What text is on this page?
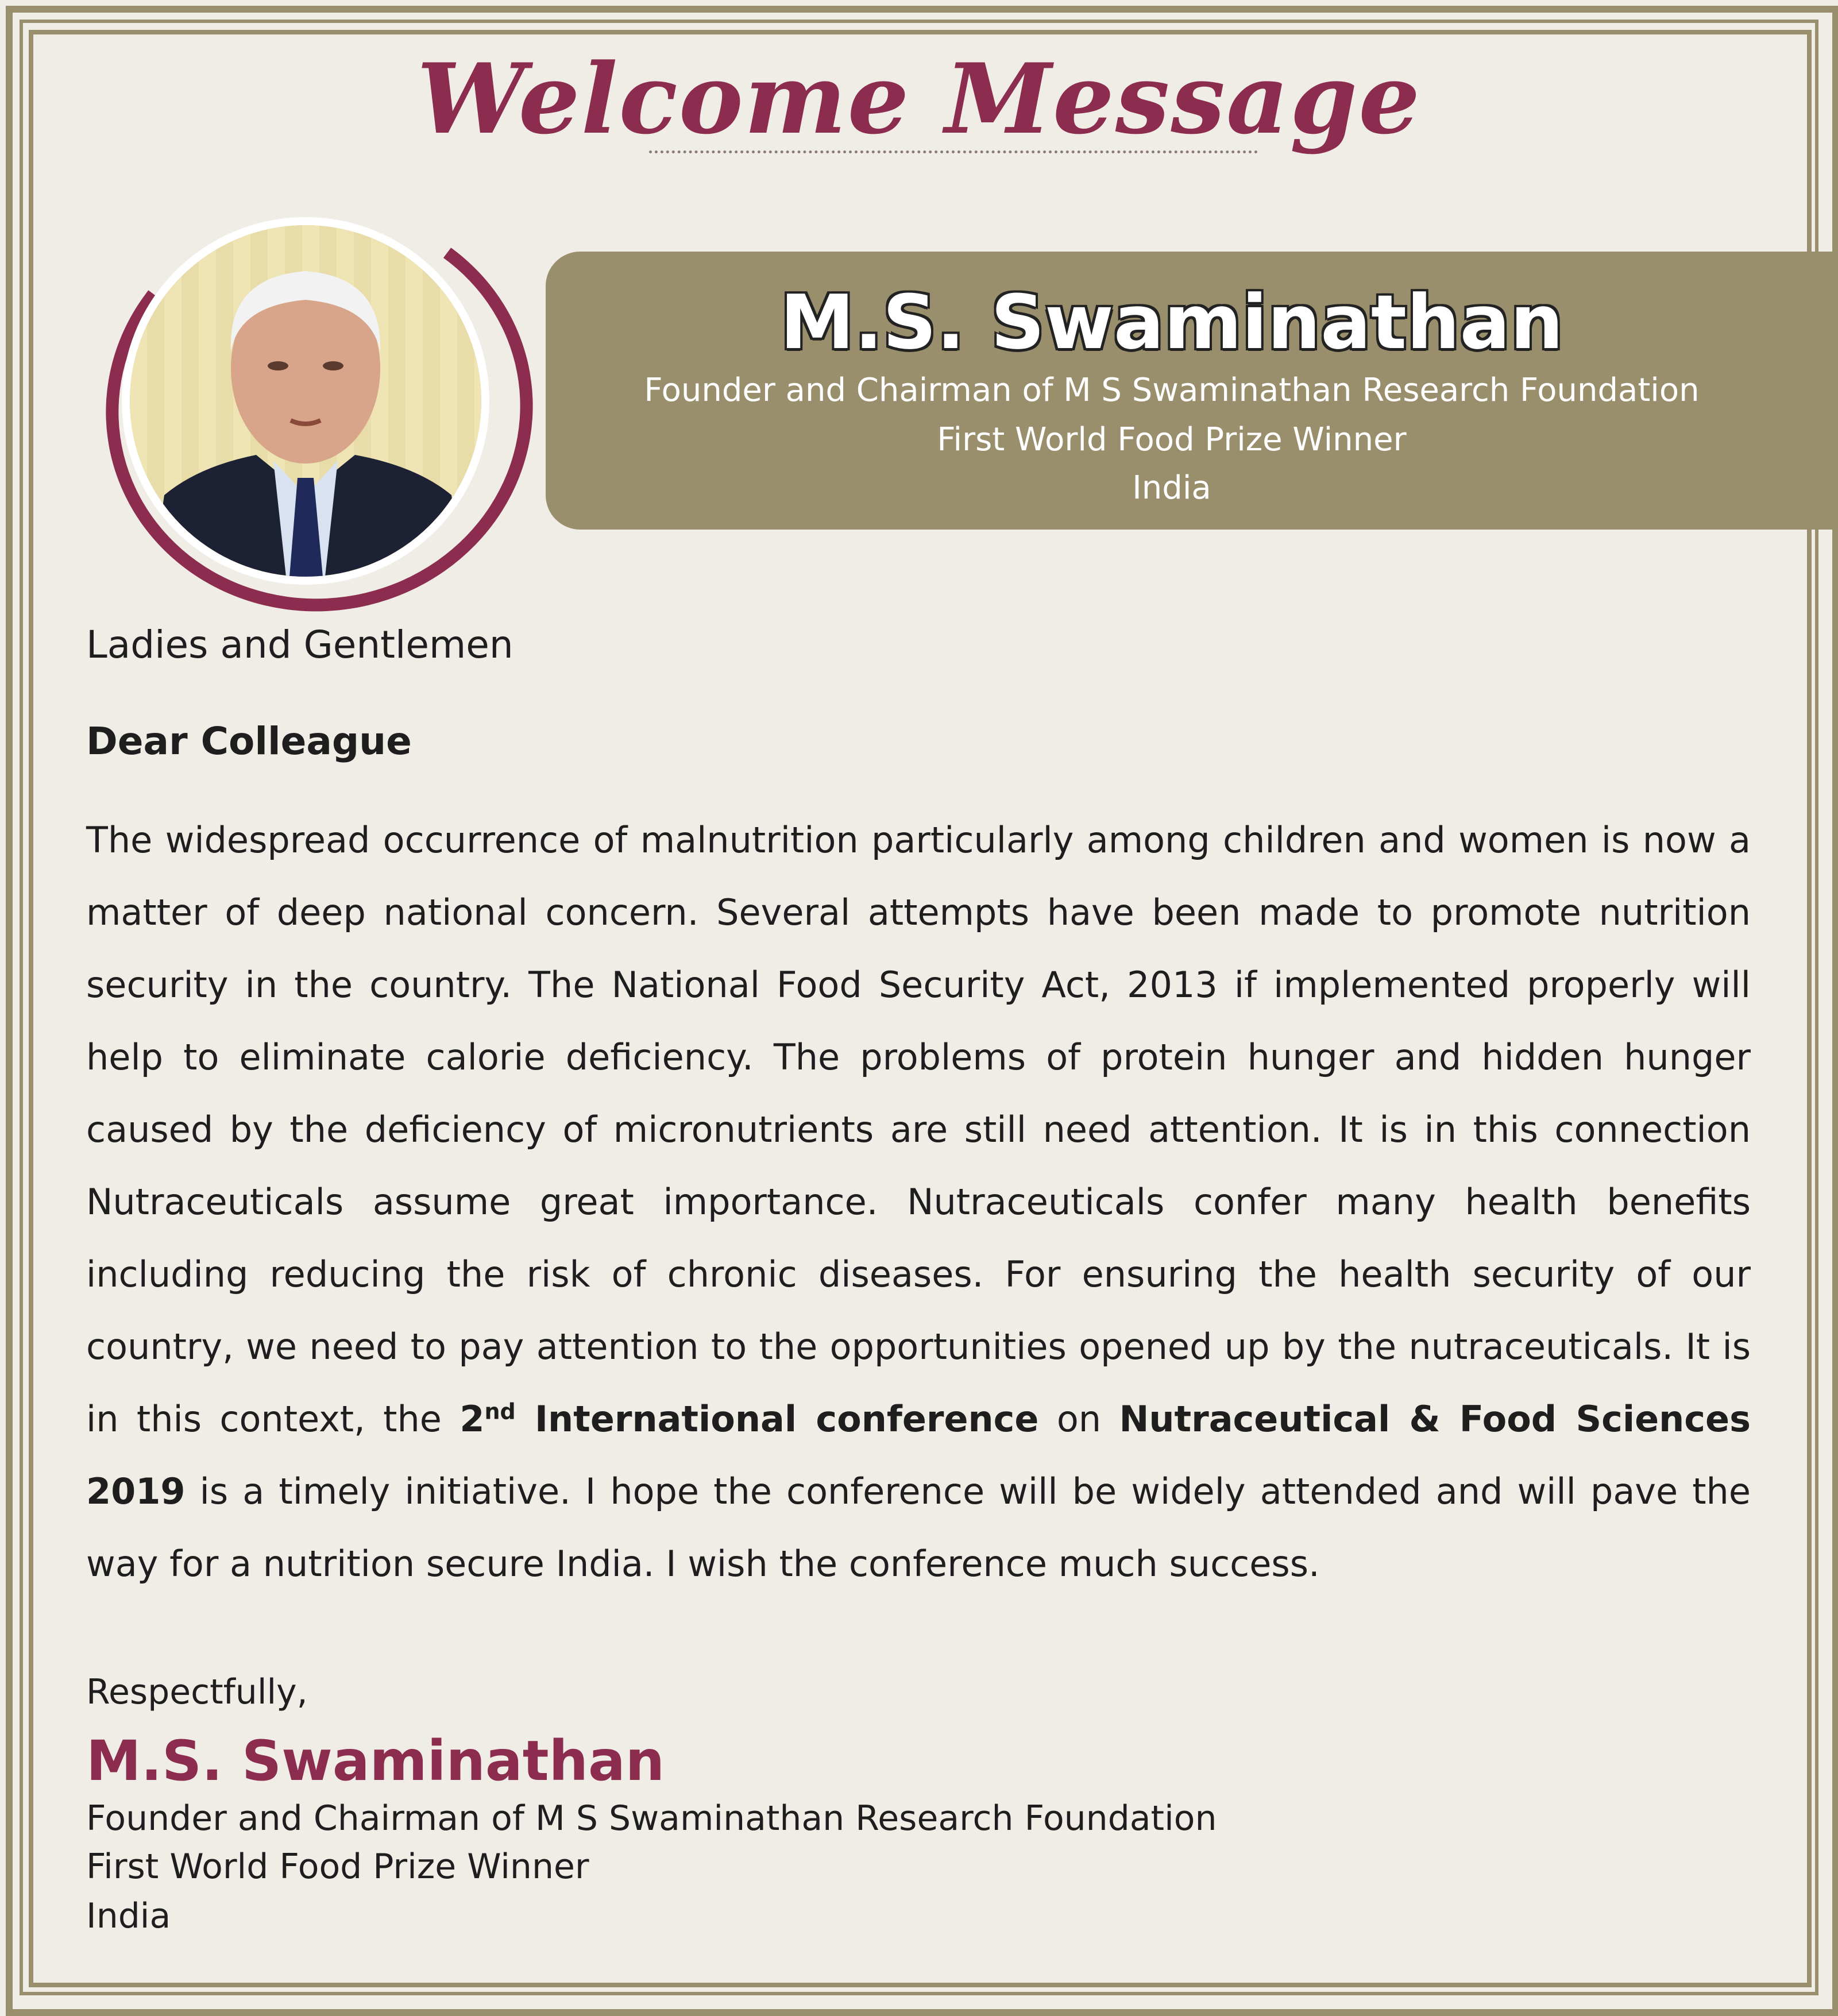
Welcome Message
M.S. Swaminathan
Founder and Chairman of M S Swaminathan Research Foundation
First World Food Prize Winner
India
Ladies and Gentlemen
Dear Colleague
The widespread occurrence of malnutrition particularly among children and women is now a matter of deep national concern. Several attempts have been made to promote nutrition security in the country. The National Food Security Act, 2013 if implemented properly will help to eliminate calorie deficiency. The problems of protein hunger and hidden hunger caused by the deficiency of micronutrients are still need attention. It is in this connection Nutraceuticals assume great importance. Nutraceuticals confer many health benefits including reducing the risk of chronic diseases. For ensuring the health security of our country, we need to pay attention to the opportunities opened up by the nutraceuticals. It is in this context, the 2nd International conference on Nutraceutical & Food Sciences 2019 is a timely initiative. I hope the conference will be widely attended and will pave the way for a nutrition secure India. I wish the conference much success.
Respectfully,
M.S. Swaminathan
Founder and Chairman of M S Swaminathan Research Foundation
First World Food Prize Winner
India
